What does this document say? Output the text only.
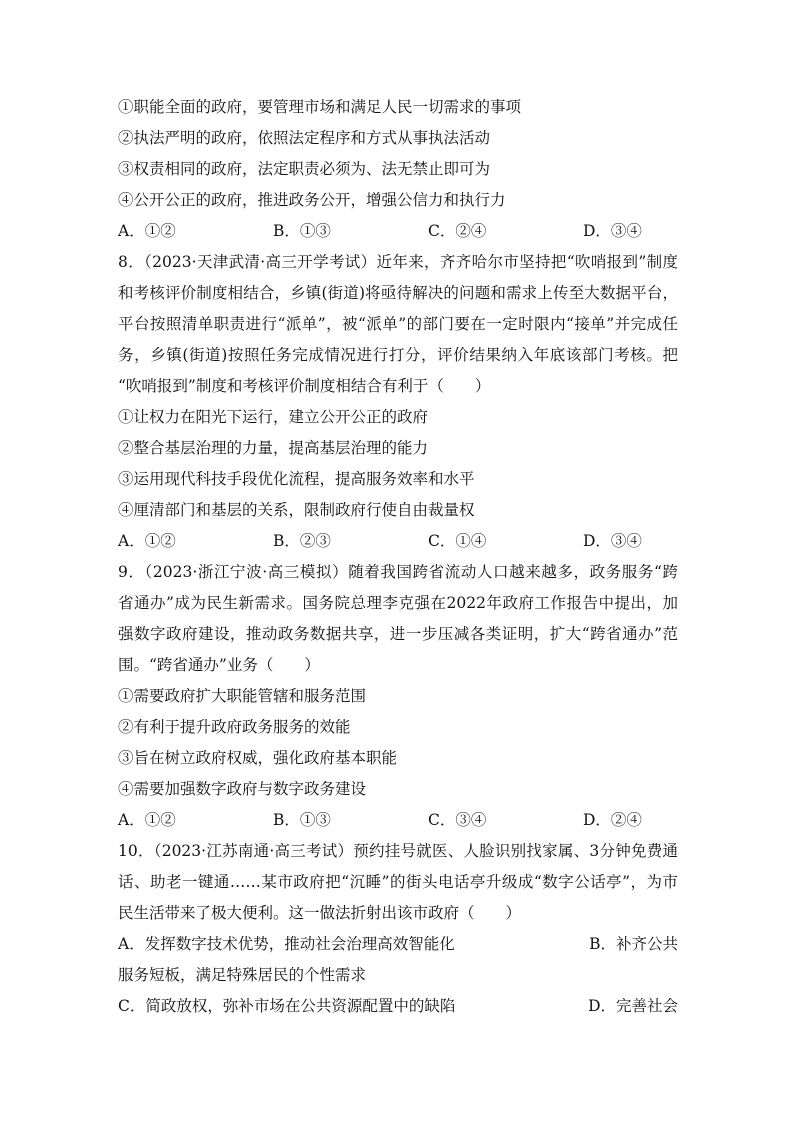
①职能全面的政府，要管理市场和满足人民一切需求的事项
②执法严明的政府，依照法定程序和方式从事执法活动
③权责相同的政府，法定职责必须为、法无禁止即可为
④公开公正的政府，推进政务公开，增强公信力和执行力
A．①②	B．①③	C．②④	D．③④
8．（2023·天津武清·高三开学考试）近年来，齐齐哈尔市坚持把“吹哨报到”制度
和考核评价制度相结合，乡镇(街道)将亟待解决的问题和需求上传至大数据平台，
平台按照清单职责进行“派单”，被“派单”的部门要在一定时限内“接单”并完成任
务，乡镇(街道)按照任务完成情况进行打分，评价结果纳入年底该部门考核。把
“吹哨报到”制度和考核评价制度相结合有利于（　　）
①让权力在阳光下运行，建立公开公正的政府
②整合基层治理的力量，提高基层治理的能力
③运用现代科技手段优化流程，提高服务效率和水平
④厘清部门和基层的关系，限制政府行使自由裁量权
A．①②	B．②③	C．①④	D．③④
9．（2023·浙江宁波·高三模拟）随着我国跨省流动人口越来越多，政务服务“跨
省通办”成为民生新需求。国务院总理李克强在2022年政府工作报告中提出，加
强数字政府建设，推动政务数据共享，进一步压减各类证明，扩大“跨省通办”范
围。“跨省通办”业务（　　）
①需要政府扩大职能管辖和服务范围
②有利于提升政府政务服务的效能
③旨在树立政府权威，强化政府基本职能
④需要加强数字政府与数字政务建设
A．①②	B．①③	C．③④	D．②④
10．（2023·江苏南通·高三考试）预约挂号就医、人脸识别找家属、3分钟免费通
话、助老一键通……某市政府把“沉睡”的街头电话亭升级成“数字公话亭”，为市
民生活带来了极大便利。这一做法折射出该市政府（　　）
A．发挥数字技术优势，推动社会治理高效智能化	B．补齐公共
服务短板，满足特殊居民的个性需求
C．简政放权，弥补市场在公共资源配置中的缺陷	D．完善社会
